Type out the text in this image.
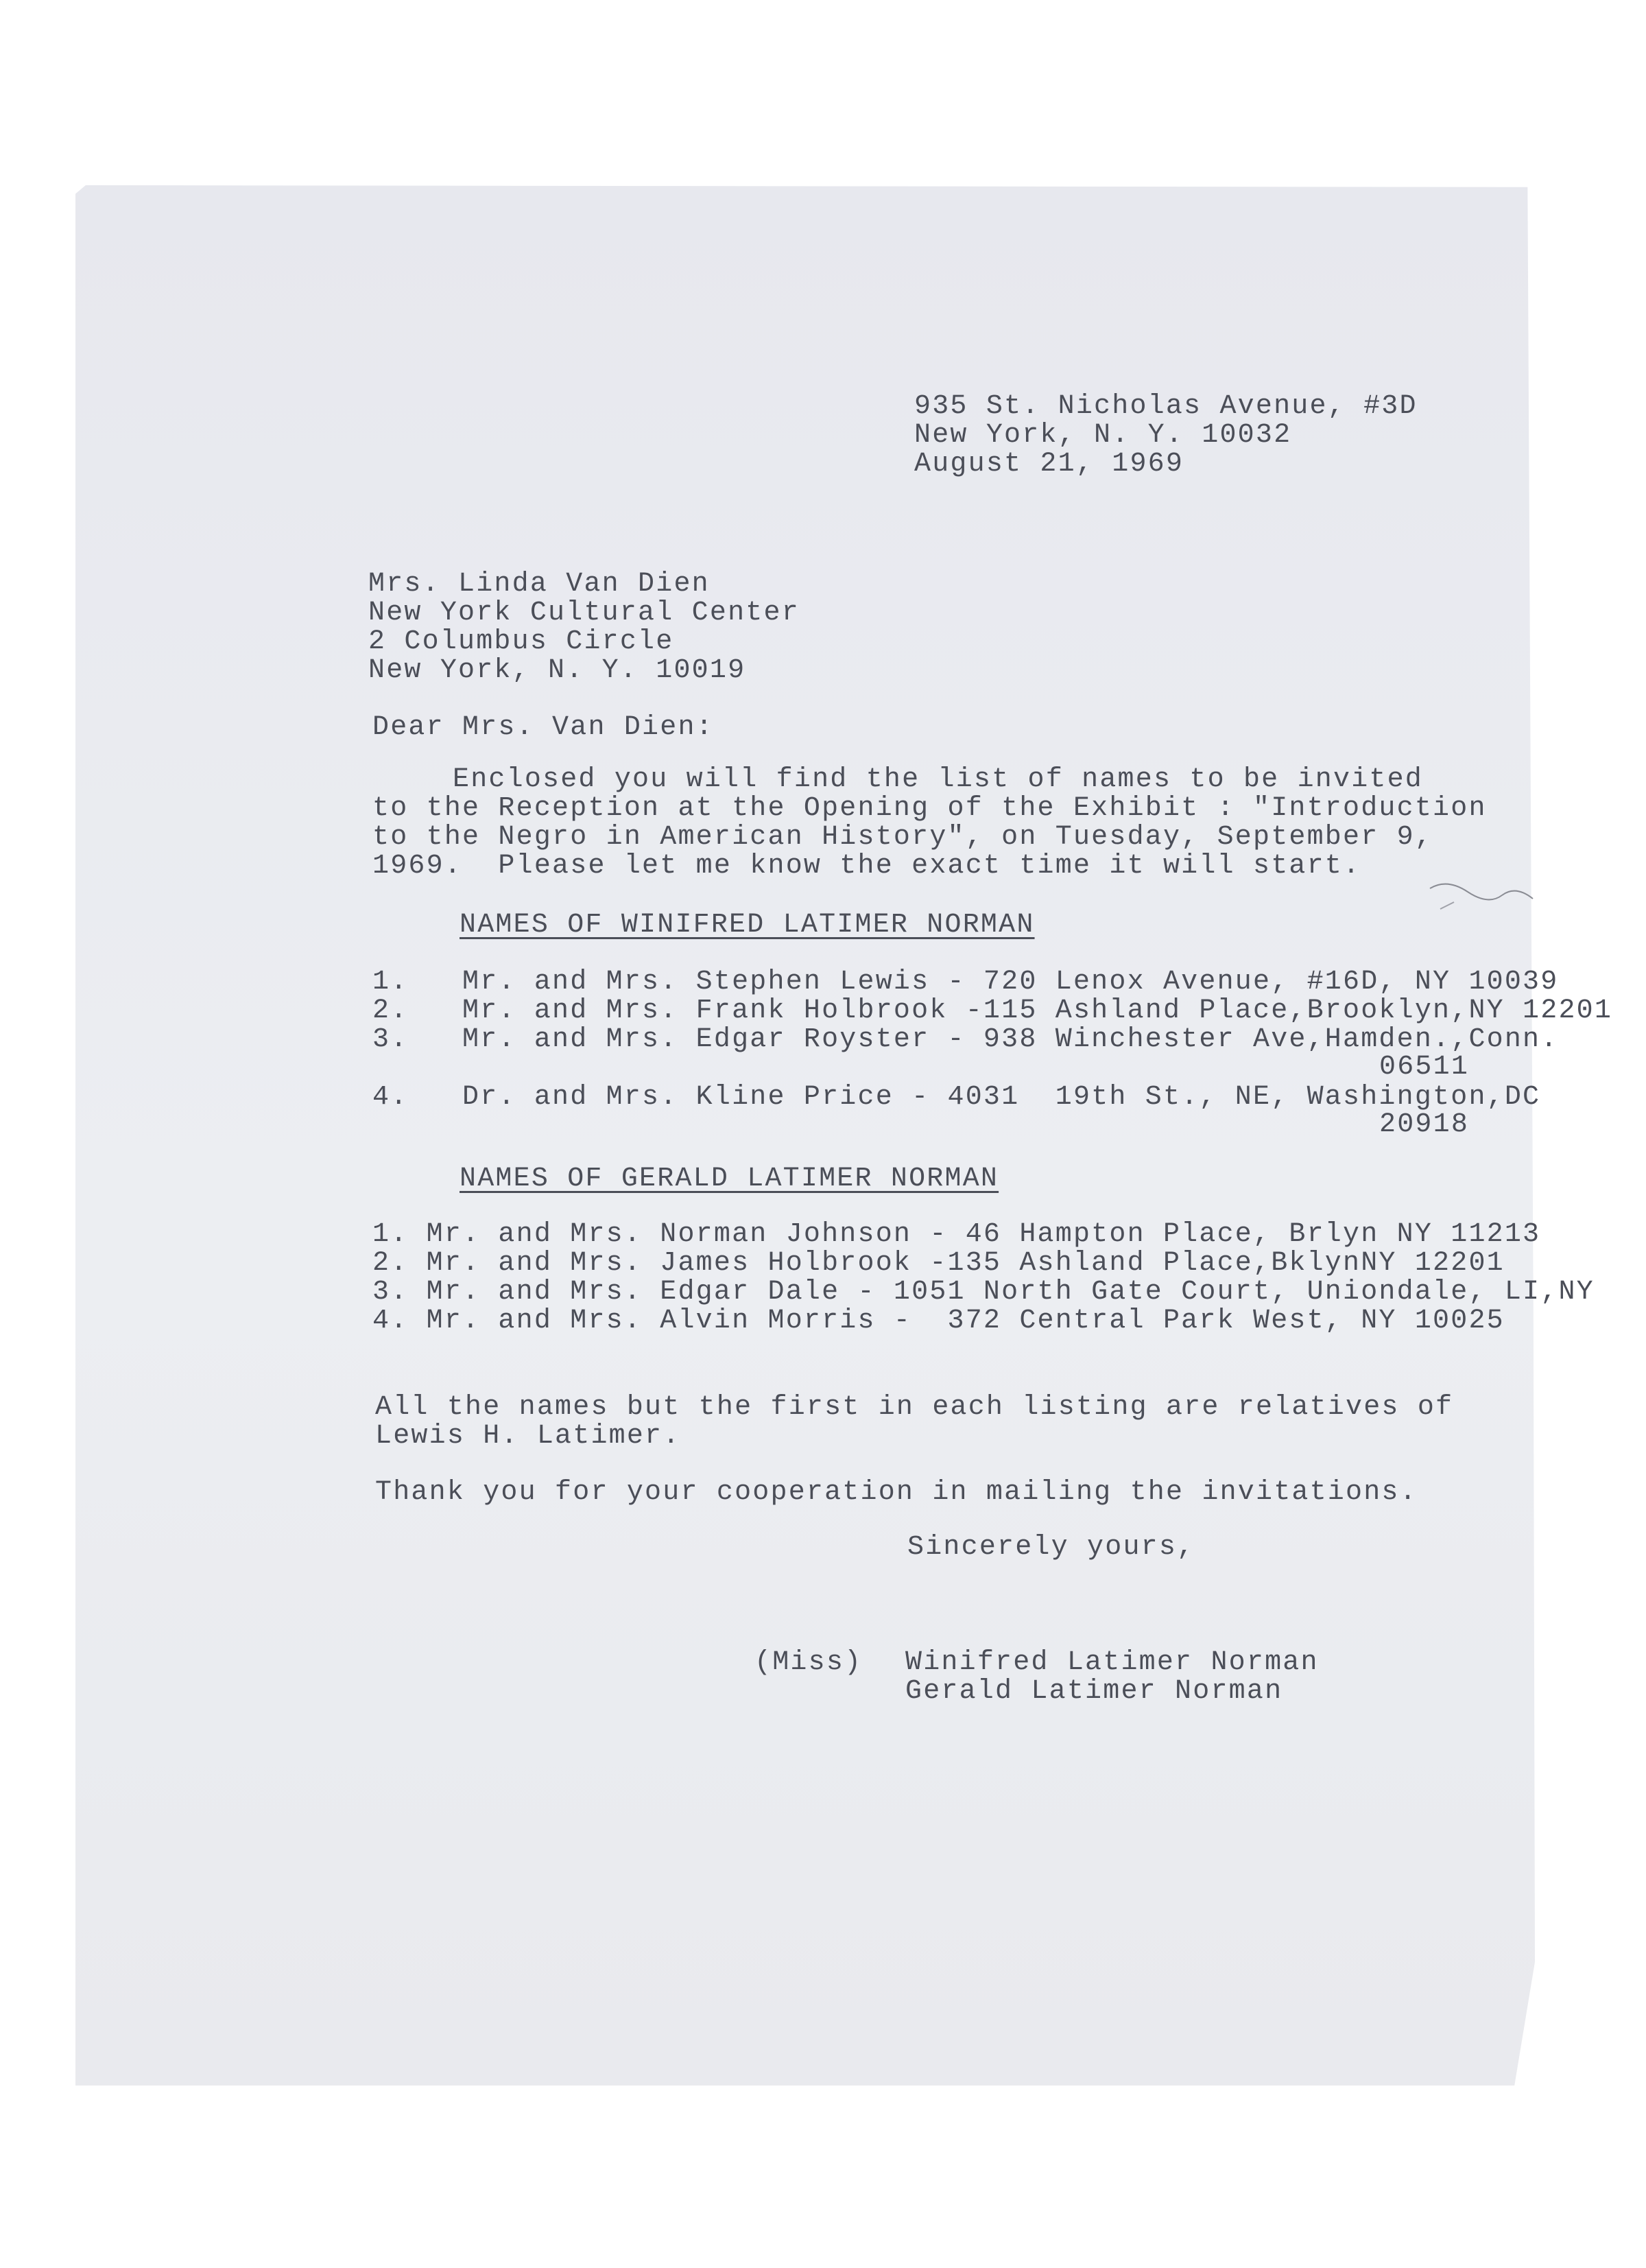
935 St. Nicholas Avenue, #3D

New York, N. Y. 10032

August 21, 1969

Mrs. Linda Van Dien

New York Cultural Center

2 Columbus Circle

New York, N. Y. 10019

Dear Mrs. Van Dien:

Enclosed you will find the list of names to be invited

to the Reception at the Opening of the Exhibit : "Introduction

to the Negro in American History", on Tuesday, September 9,

1969.  Please let me know the exact time it will start.

NAMES OF WINIFRED LATIMER NORMAN

1.   Mr. and Mrs. Stephen Lewis - 720 Lenox Avenue, #16D, NY 10039

2.   Mr. and Mrs. Frank Holbrook -115 Ashland Place,Brooklyn,NY 12201

3.   Mr. and Mrs. Edgar Royster - 938 Winchester Ave,Hamden.,Conn.

06511

4.   Dr. and Mrs. Kline Price - 4031  19th St., NE, Washington,DC

20918

NAMES OF GERALD LATIMER NORMAN

1. Mr. and Mrs. Norman Johnson - 46 Hampton Place, Brlyn NY 11213

2. Mr. and Mrs. James Holbrook -135 Ashland Place,BklynNY 12201

3. Mr. and Mrs. Edgar Dale - 1051 North Gate Court, Uniondale, LI,NY

4. Mr. and Mrs. Alvin Morris -  372 Central Park West, NY 10025

All the names but the first in each listing are relatives of

Lewis H. Latimer.

Thank you for your cooperation in mailing the invitations.

Sincerely yours,

(Miss) Winifred Latimer Norman

Gerald Latimer Norman
